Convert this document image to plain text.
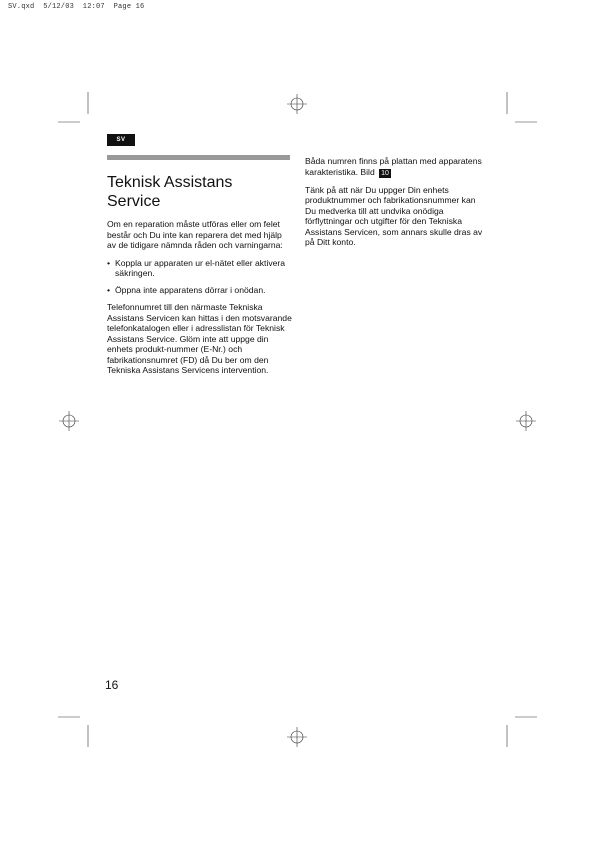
SV.qxd  5/12/03  12:07  Page 16
SV
Teknisk Assistans Service

Om en reparation måste utföras eller om felet består och Du inte kan reparera det med hjälp av de tidigare nämnda råden och varningarna:

• Koppla ur apparaten ur el-nätet eller aktivera säkringen.
• Öppna inte apparatens dörrar i onödan.

Telefonnumret till den närmaste Tekniska Assistans Servicen kan hittas i den motsvarande telefonkatalogen eller i adresslistan för Teknisk Assistans Service. Glöm inte att uppge din enhets produkt-nummer (E-Nr.) och fabrikationsnumret (FD) då Du ber om den Tekniska Assistans Servicens intervention.

Båda numren finns på plattan med apparatens karakteristika. Bild 10

Tänk på att när Du uppger Din enhets produktnummer och fabrikationsnummer kan Du medverka till att undvika onödiga förflyttningar och utgifter för den Tekniska Assistans Servicen, som annars skulle dras av på Ditt konto.

16
